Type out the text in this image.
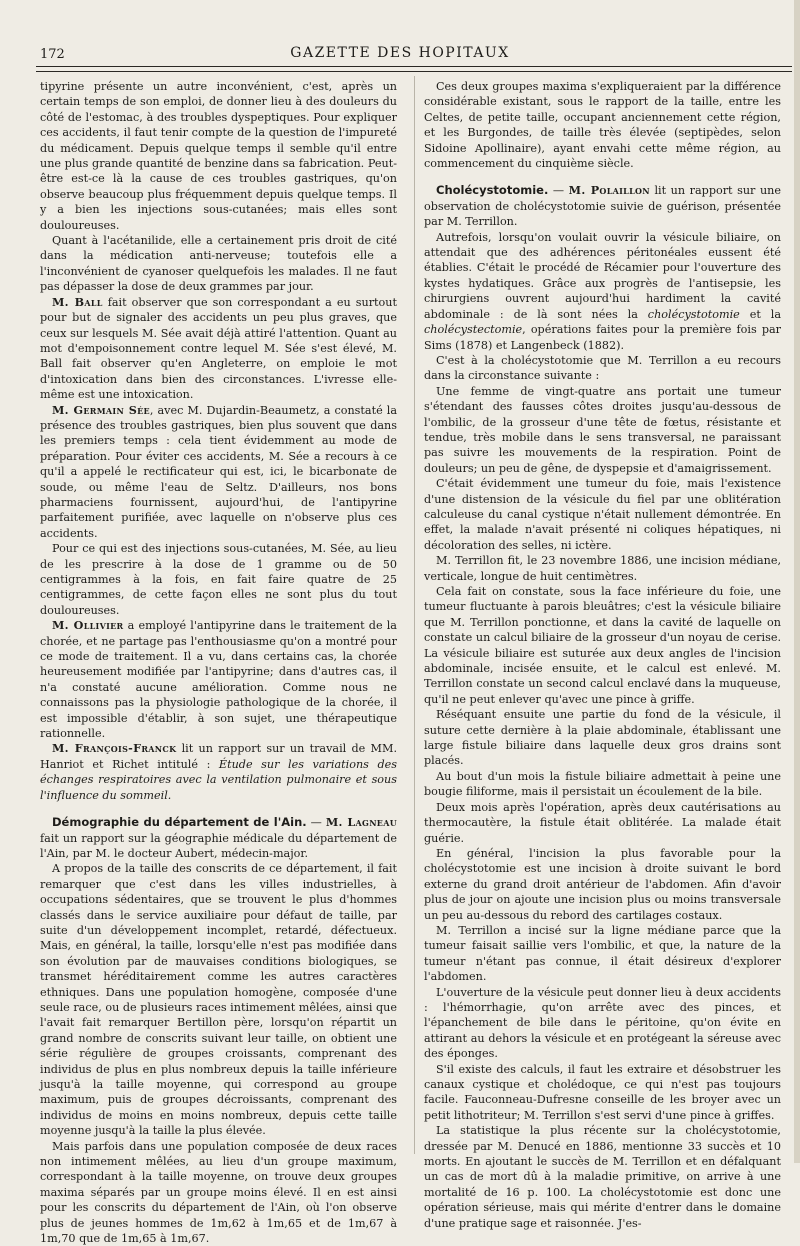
172	GAZETTE DES HOPITAUX

tipyrine présente un autre inconvénient, c'est, après un certain temps de son emploi, de donner lieu à des douleurs du côté de l'estomac, à des troubles dyspeptiques. Pour expliquer ces accidents, il faut tenir compte de la question de l'impureté du médicament. Depuis quelque temps il semble qu'il entre une plus grande quantité de benzine dans sa fabrication. Peut-être est-ce là la cause de ces troubles gastriques, qu'on observe beaucoup plus fréquemment depuis quelque temps. Il y a bien les injections sous-cutanées; mais elles sont douloureuses.

Quant à l'acétanilide, elle a certainement pris droit de cité dans la médication anti-nerveuse; toutefois elle a l'inconvénient de cyanoser quelquefois les malades. Il ne faut pas dépasser la dose de deux grammes par jour.

M. Ball fait observer que son correspondant a eu surtout pour but de signaler des accidents un peu plus graves, que ceux sur lesquels M. Sée avait déjà attiré l'attention. Quant au mot d'empoisonnement contre lequel M. Sée s'est élevé, M. Ball fait observer qu'en Angleterre, on emploie le mot d'intoxication dans bien des circonstances. L'ivresse elle-même est une intoxication.

M. Germain Sée, avec M. Dujardin-Beaumetz, a constaté la présence des troubles gastriques, bien plus souvent que dans les premiers temps : cela tient évidemment au mode de préparation. Pour éviter ces accidents, M. Sée a recours à ce qu'il a appelé le rectificateur qui est, ici, le bicarbonate de soude, ou même l'eau de Seltz. D'ailleurs, nos bons pharmaciens fournissent, aujourd'hui, de l'antipyrine parfaitement purifiée, avec laquelle on n'observe plus ces accidents.

Pour ce qui est des injections sous-cutanées, M. Sée, au lieu de les prescrire à la dose de 1 gramme ou de 50 centigrammes à la fois, en fait faire quatre de 25 centigrammes, de cette façon elles ne sont plus du tout douloureuses.

M. Ollivier a employé l'antipyrine dans le traitement de la chorée, et ne partage pas l'enthousiasme qu'on a montré pour ce mode de traitement. Il a vu, dans certains cas, la chorée heureusement modifiée par l'antipyrine; dans d'autres cas, il n'a constaté aucune amélioration. Comme nous ne connaissons pas la physiologie pathologique de la chorée, il est impossible d'établir, à son sujet, une thérapeutique rationnelle.

M. François-Franck lit un rapport sur un travail de MM. Hanriot et Richet intitulé : Étude sur les variations des échanges respiratoires avec la ventilation pulmonaire et sous l'influence du sommeil.

Démographie du département de l'Ain. — M. Lagneau fait un rapport sur la géographie médicale du département de l'Ain, par M. le docteur Aubert, médecin-major.

A propos de la taille des conscrits de ce département, il fait remarquer que c'est dans les villes industrielles, à occupations sédentaires, que se trouvent le plus d'hommes classés dans le service auxiliaire pour défaut de taille, par suite d'un développement incomplet, retardé, défectueux. Mais, en général, la taille, lorsqu'elle n'est pas modifiée dans son évolution par de mauvaises conditions biologiques, se transmet héréditairement comme les autres caractères ethniques. Dans une population homogène, composée d'une seule race, ou de plusieurs races intimement mêlées, ainsi que l'avait fait remarquer Bertillon père, lorsqu'on répartit un grand nombre de conscrits suivant leur taille, on obtient une série régulière de groupes croissants, comprenant des individus de plus en plus nombreux depuis la taille inférieure jusqu'à la taille moyenne, qui correspond au groupe maximum, puis de groupes décroissants, comprenant des individus de moins en moins nombreux, depuis cette taille moyenne jusqu'à la taille la plus élevée.

Mais parfois dans une population composée de deux races non intimement mêlées, au lieu d'un groupe maximum, correspondant à la taille moyenne, on trouve deux groupes maxima séparés par un groupe moins élevé. Il en est ainsi pour les conscrits du département de l'Ain, où l'on observe plus de jeunes hommes de 1m,62 à 1m,65 et de 1m,67 à 1m,70 que de 1m,65 à 1m,67.

Ces deux groupes maxima s'expliqueraient par la différence considérable existant, sous le rapport de la taille, entre les Celtes, de petite taille, occupant anciennement cette région, et les Burgondes, de taille très élevée (septipèdes, selon Sidoine Apollinaire), ayant envahi cette même région, au commencement du cinquième siècle.

Cholécystotomie. — M. Polaillon lit un rapport sur une observation de cholécystotomie suivie de guérison, présentée par M. Terrillon.

Autrefois, lorsqu'on voulait ouvrir la vésicule biliaire, on attendait que des adhérences péritonéales eussent été établies. C'était le procédé de Récamier pour l'ouverture des kystes hydatiques. Grâce aux progrès de l'antisepsie, les chirurgiens ouvrent aujourd'hui hardiment la cavité abdominale : de là sont nées la cholécystotomie et la cholécystectomie, opérations faites pour la première fois par Sims (1878) et Langenbeck (1882).

C'est à la cholécystotomie que M. Terrillon a eu recours dans la circonstance suivante :

Une femme de vingt-quatre ans portait une tumeur s'étendant des fausses côtes droites jusqu'au-dessous de l'ombilic, de la grosseur d'une tête de fœtus, résistante et tendue, très mobile dans le sens transversal, ne paraissant pas suivre les mouvements de la respiration. Point de douleurs; un peu de gêne, de dyspepsie et d'amaigrissement.

C'était évidemment une tumeur du foie, mais l'existence d'une distension de la vésicule du fiel par une oblitération calculeuse du canal cystique n'était nullement démontrée. En effet, la malade n'avait présenté ni coliques hépatiques, ni décoloration des selles, ni ictère.

M. Terrillon fit, le 23 novembre 1886, une incision médiane, verticale, longue de huit centimètres.

Cela fait on constate, sous la face inférieure du foie, une tumeur fluctuante à parois bleuâtres; c'est la vésicule biliaire que M. Terrillon ponctionne, et dans la cavité de laquelle on constate un calcul biliaire de la grosseur d'un noyau de cerise. La vésicule biliaire est suturée aux deux angles de l'incision abdominale, incisée ensuite, et le calcul est enlevé. M. Terrillon constate un second calcul enclavé dans la muqueuse, qu'il ne peut enlever qu'avec une pince à griffe.

Réséquant ensuite une partie du fond de la vésicule, il suture cette dernière à la plaie abdominale, établissant une large fistule biliaire dans laquelle deux gros drains sont placés.

Au bout d'un mois la fistule biliaire admettait à peine une bougie filiforme, mais il persistait un écoulement de la bile.

Deux mois après l'opération, après deux cautérisations au thermocautère, la fistule était oblitérée. La malade était guérie.

En général, l'incision la plus favorable pour la cholécystotomie est une incision à droite suivant le bord externe du grand droit antérieur de l'abdomen. Afin d'avoir plus de jour on ajoute une incision plus ou moins transversale un peu au-dessous du rebord des cartilages costaux.

M. Terrillon a incisé sur la ligne médiane parce que la tumeur faisait saillie vers l'ombilic, et que, la nature de la tumeur n'étant pas connue, il était désireux d'explorer l'abdomen.

L'ouverture de la vésicule peut donner lieu à deux accidents : l'hémorrhagie, qu'on arrête avec des pinces, et l'épanchement de bile dans le péritoine, qu'on évite en attirant au dehors la vésicule et en protégeant la séreuse avec des éponges.

S'il existe des calculs, il faut les extraire et désobstruer les canaux cystique et cholédoque, ce qui n'est pas toujours facile. Fauconneau-Dufresne conseille de les broyer avec un petit lithotriteur; M. Terrillon s'est servi d'une pince à griffes.

La statistique la plus récente sur la cholécystotomie, dressée par M. Denucé en 1886, mentionne 33 succès et 10 morts. En ajoutant le succès de M. Terrillon et en défalquant un cas de mort dû à la maladie primitive, on arrive à une mortalité de 16 p. 100. La cholécystotomie est donc une opération sérieuse, mais qui mérite d'entrer dans le domaine d'une pratique sage et raisonnée. J'es-
